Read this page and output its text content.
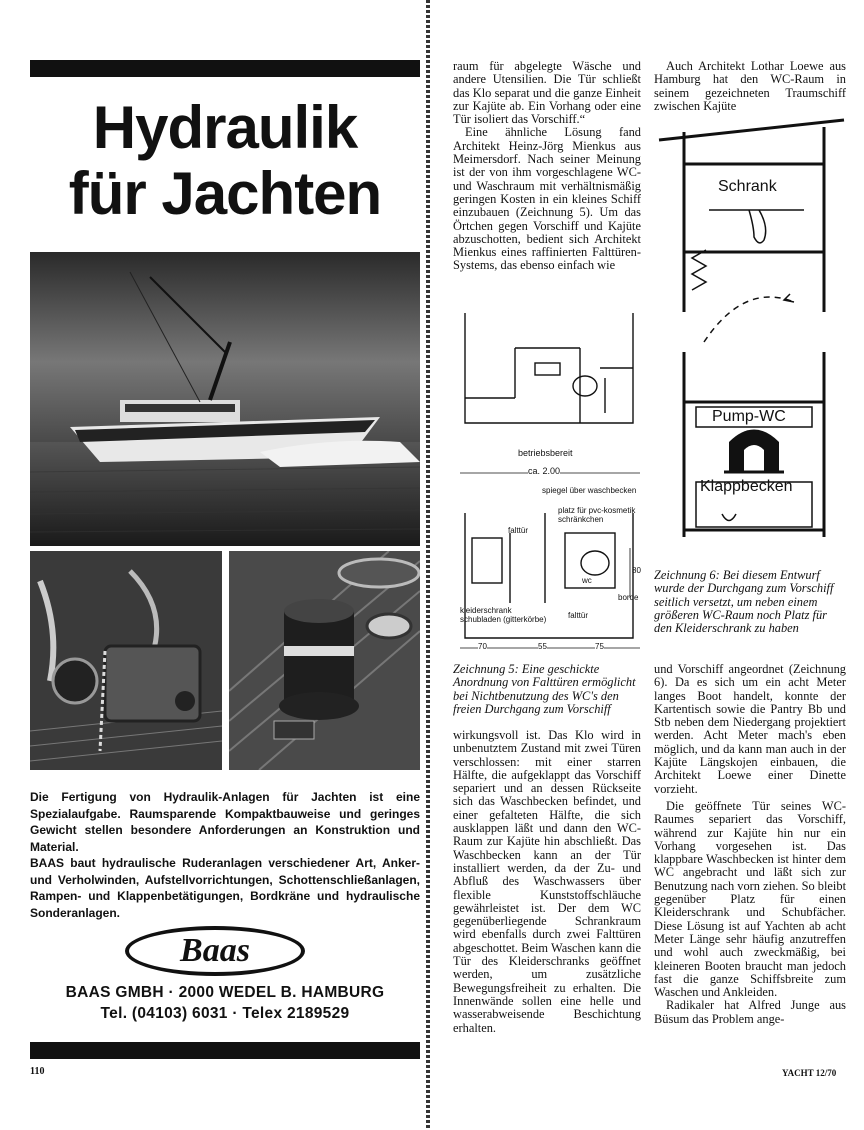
Hydraulik
für Jachten
Die Fertigung von Hydraulik-Anlagen für Jachten ist eine Spezialaufgabe. Raumsparende Kompaktbauweise und geringes Gewicht stellen besondere Anforderungen an Konstruktion und Material.
BAAS baut hydraulische Ruderanlagen verschiedener Art, Anker- und Verholwinden, Aufstellvorrichtungen, Schottenschließanlagen, Rampen- und Klappenbetätigungen, Bordkräne und hydraulische Sonderanlagen.
Baas
BAAS GMBH · 2000 WEDEL B. HAMBURG
Tel. (04103) 6031 · Telex 2189529
110

raum für abgelegte Wäsche und andere Utensilien. Die Tür schließt das Klo separat und die ganze Einheit zur Kajüte ab. Ein Vorhang oder eine Tür isoliert das Vorschiff.“

Eine ähnliche Lösung fand Architekt Heinz-Jörg Mienkus aus Meimersdorf. Nach seiner Meinung ist der von ihm vorgeschlagene WC- und Waschraum mit verhältnismäßig geringen Kosten in ein kleines Schiff einzubauen (Zeichnung 5). Um das Örtchen gegen Vorschiff und Kajüte abzuschotten, bedient sich Architekt Mienkus eines raffinierten Falttüren-Systems, das ebenso einfach wie

betriebsbereit
ca. 2.00
spiegel über waschbecken
platz für pvc-kosmetik schränkchen
falttür
wc
borde
80
kleiderschrank schubladen (gitterkörbe)	falttür
70	55	75
Zeichnung 5: Eine geschickte Anordnung von Falttüren ermöglicht bei Nichtbenutzung des WC's den freien Durchgang zum Vorschiff

wirkungsvoll ist. Das Klo wird in unbenutztem Zustand mit zwei Türen verschlossen: mit einer starren Hälfte, die aufgeklappt das Vorschiff separiert und an dessen Rückseite sich das Waschbecken befindet, und einer gefalteten Hälfte, die sich ausklappen läßt und dann den WC-Raum zur Kajüte hin abschließt. Das Waschbecken kann an der Tür installiert werden, da der Zu- und Abfluß des Waschwassers über flexible Kunststoffschläuche gewährleistet ist. Der dem WC gegenüberliegende Schrankraum wird ebenfalls durch zwei Falttüren abgeschottet. Beim Waschen kann die Tür des Kleiderschranks geöffnet werden, um zusätzliche Bewegungsfreiheit zu erhalten. Die Innenwände sollen eine helle und wasserabweisende Beschichtung erhalten.

Auch Architekt Lothar Loewe aus Hamburg hat den WC-Raum in seinem gezeichneten Traumschiff zwischen Kajüte

Schrank
Pump-WC
Klappbecken
Zeichnung 6: Bei diesem Entwurf wurde der Durchgang zum Vorschiff seitlich versetzt, um neben einem größeren WC-Raum noch Platz für den Kleiderschrank zu haben

und Vorschiff angeordnet (Zeichnung 6). Da es sich um ein acht Meter langes Boot handelt, konnte der Kartentisch sowie die Pantry Bb und Stb neben dem Niedergang projektiert werden. Acht Meter mach's eben möglich, und da kann man auch in der Kajüte Längskojen einbauen, die Architekt Loewe einer Dinette vorzieht.

Die geöffnete Tür seines WC-Raumes separiert das Vorschiff, während zur Kajüte hin nur ein Vorhang vorgesehen ist. Das klappbare Waschbecken ist hinter dem WC angebracht und läßt sich zur Benutzung nach vorn ziehen. So bleibt gegenüber Platz für einen Kleiderschrank und Schubfächer. Diese Lösung ist auf Yachten ab acht Meter Länge sehr häufig anzutreffen und wohl auch zweckmäßig, bei kleineren Booten braucht man jedoch fast die ganze Schiffsbreite zum Waschen und Ankleiden.

Radikaler hat Alfred Junge aus Büsum das Problem ange-

YACHT 12/70
